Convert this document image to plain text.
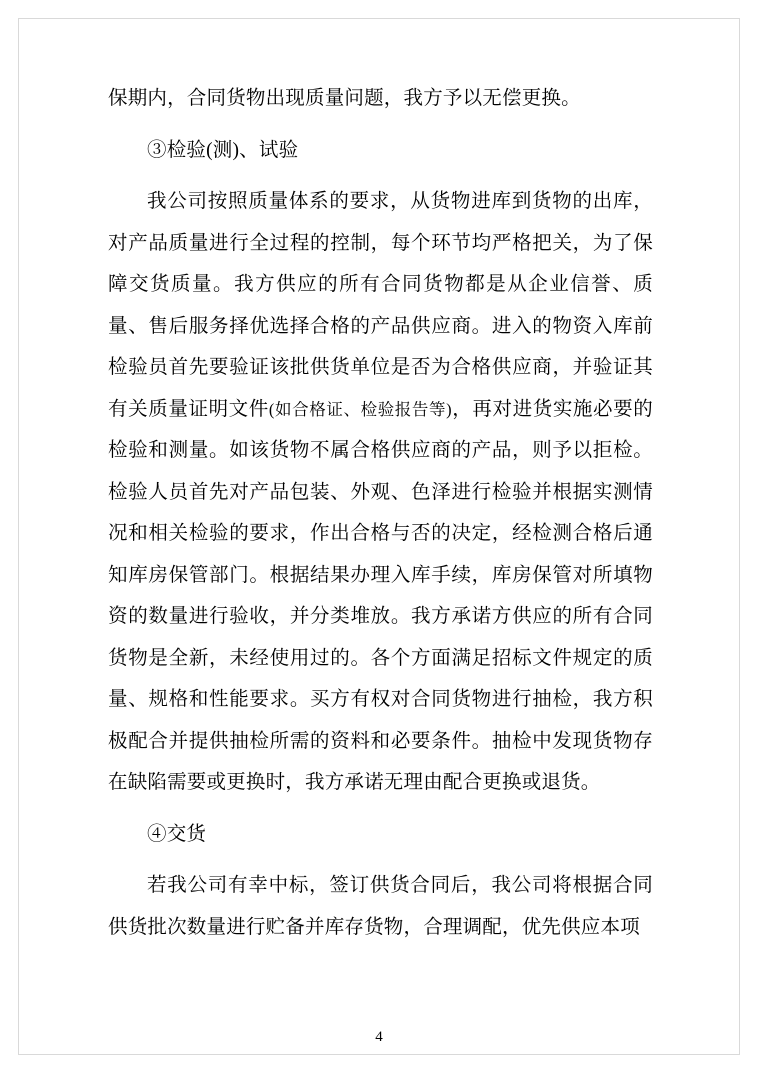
保期内，合同货物出现质量问题，我方予以无偿更换。

③检验(测)、试验

我公司按照质量体系的要求，从货物进库到货物的出库，对产品质量进行全过程的控制，每个环节均严格把关，为了保障交货质量。我方供应的所有合同货物都是从企业信誉、质量、售后服务择优选择合格的产品供应商。进入的物资入库前检验员首先要验证该批供货单位是否为合格供应商，并验证其有关质量证明文件(如合格证、检验报告等)，再对进货实施必要的检验和测量。如该货物不属合格供应商的产品，则予以拒检。检验人员首先对产品包装、外观、色泽进行检验并根据实测情况和相关检验的要求，作出合格与否的决定，经检测合格后通知库房保管部门。根据结果办理入库手续，库房保管对所填物资的数量进行验收，并分类堆放。我方承诺方供应的所有合同货物是全新，未经使用过的。各个方面满足招标文件规定的质量、规格和性能要求。买方有权对合同货物进行抽检，我方积极配合并提供抽检所需的资料和必要条件。抽检中发现货物存在缺陷需要或更换时，我方承诺无理由配合更换或退货。

④交货

若我公司有幸中标，签订供货合同后，我公司将根据合同供货批次数量进行贮备并库存货物，合理调配，优先供应本项

4
